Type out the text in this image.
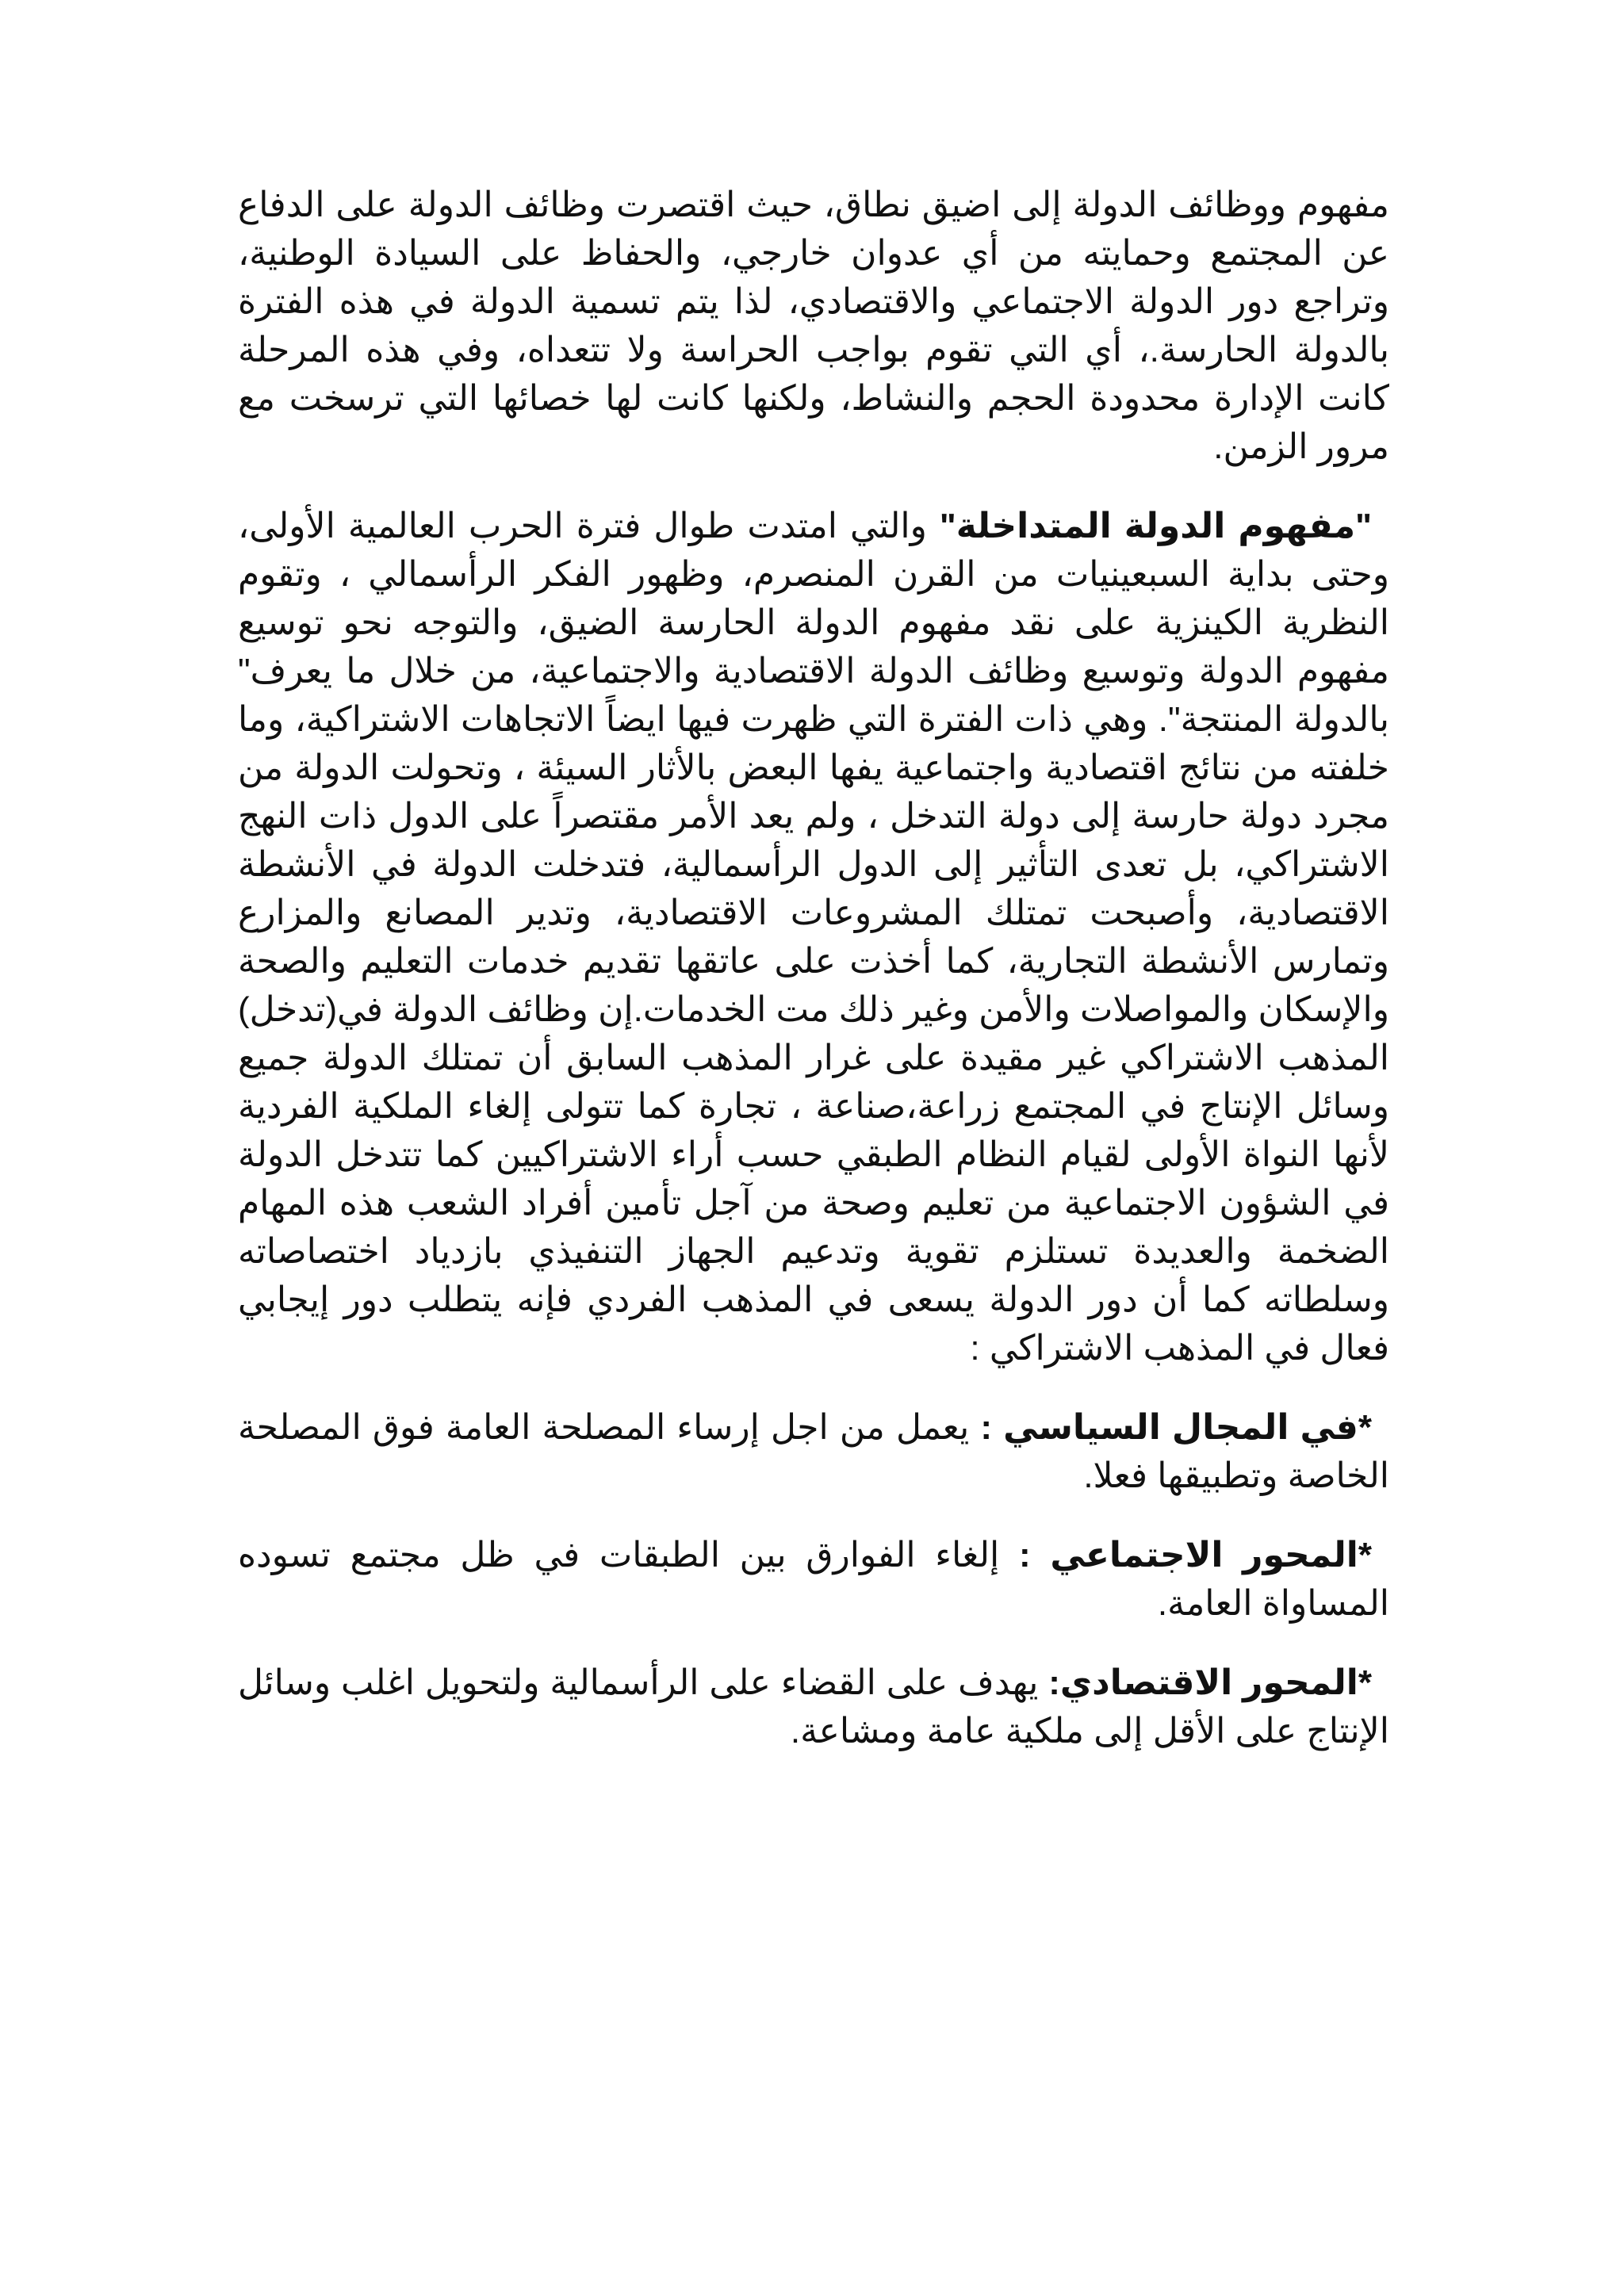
مفهوم ووظائف الدولة إلى اضيق نطاق، حيث اقتصرت وظائف الدولة على الدفاع عن المجتمع وحمايته من أي عدوان خارجي، والحفاظ على السيادة الوطنية، وتراجع دور الدولة الاجتماعي والاقتصادي، لذا يتم تسمية الدولة في هذه الفترة بالدولة الحارسة.، أي التي تقوم بواجب الحراسة ولا تتعداه، وفي هذه المرحلة كانت الإدارة محدودة الحجم والنشاط، ولكنها كانت لها خصائها التي ترسخت مع مرور الزمن.

"مفهوم الدولة المتداخلة" والتي امتدت طوال فترة الحرب العالمية الأولى، وحتى بداية السبعينيات من القرن المنصرم، وظهور الفكر الرأسمالي ، وتقوم النظرية الكينزية على نقد مفهوم الدولة الحارسة الضيق، والتوجه نحو توسيع مفهوم الدولة وتوسيع وظائف الدولة الاقتصادية والاجتماعية، من خلال ما يعرف" بالدولة المنتجة". وهي ذات الفترة التي ظهرت فيها ايضاً الاتجاهات الاشتراكية، وما خلفته من نتائج اقتصادية واجتماعية يفها البعض بالأثار السيئة ، وتحولت الدولة من مجرد دولة حارسة إلى دولة التدخل ، ولم يعد الأمر مقتصراً على الدول ذات النهج الاشتراكي، بل تعدى التأثير إلى الدول الرأسمالية، فتدخلت الدولة في الأنشطة الاقتصادية، وأصبحت تمتلك المشروعات الاقتصادية، وتدير المصانع والمزارع وتمارس الأنشطة التجارية، كما أخذت على عاتقها تقديم خدمات التعليم والصحة والإسكان والمواصلات والأمن وغير ذلك مت الخدمات.إن وظائف الدولة في(تدخل) المذهب الاشتراكي غير مقيدة على غرار المذهب السابق أن تمتلك الدولة جميع وسائل الإنتاج في المجتمع زراعة،صناعة ، تجارة كما تتولى إلغاء الملكية الفردية لأنها النواة الأولى لقيام النظام الطبقي حسب أراء الاشتراكيين كما تتدخل الدولة في الشؤون الاجتماعية من تعليم وصحة من آجل تأمين أفراد الشعب هذه المهام الضخمة والعديدة تستلزم تقوية وتدعيم الجهاز التنفيذي بازدياد اختصاصاته وسلطاته كما أن دور الدولة يسعى في المذهب الفردي فإنه يتطلب دور إيجابي فعال في المذهب الاشتراكي :

*في المجال السياسي : يعمل من اجل إرساء المصلحة العامة فوق المصلحة الخاصة وتطبيقها فعلا.

*المحور الاجتماعي : إلغاء الفوارق بين الطبقات في ظل مجتمع تسوده المساواة العامة.

*المحور الاقتصادي: يهدف على القضاء على الرأسمالية ولتحويل اغلب وسائل الإنتاج على الأقل إلى ملكية عامة ومشاعة.
